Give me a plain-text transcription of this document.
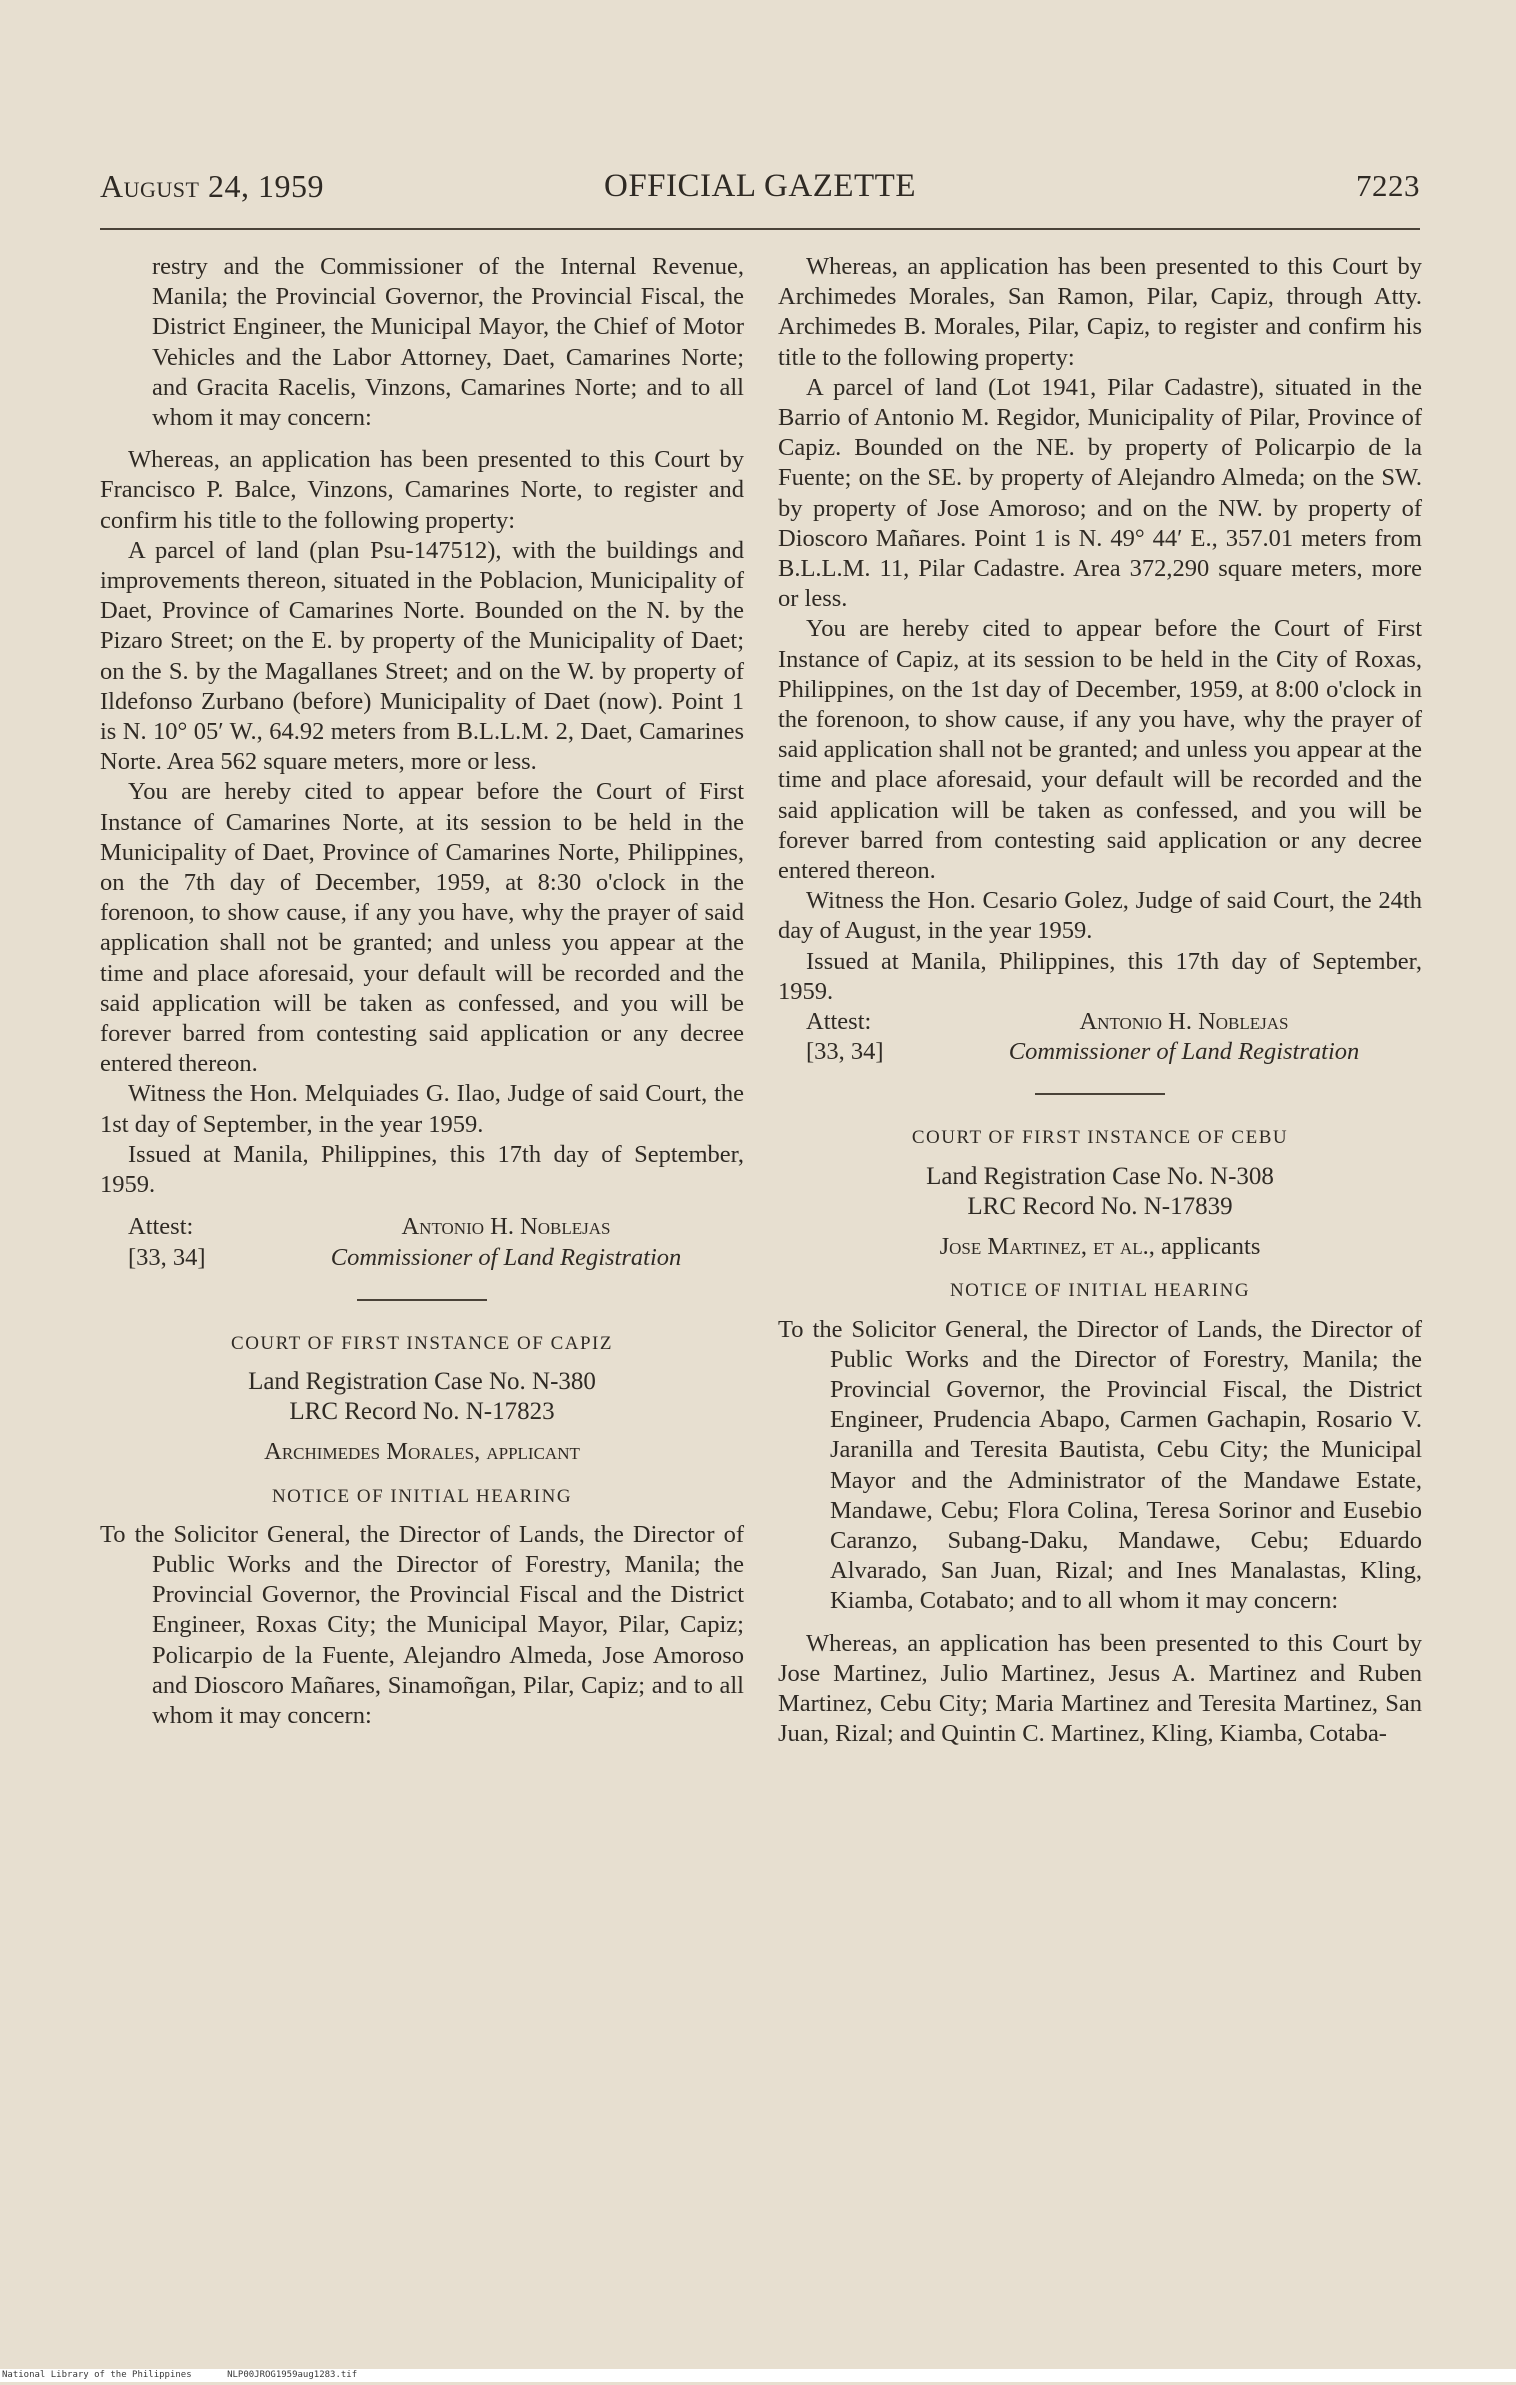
August 24, 1959	OFFICIAL GAZETTE	7223

restry and the Commissioner of the Internal Revenue, Manila; the Provincial Governor, the Provincial Fiscal, the District Engineer, the Municipal Mayor, the Chief of Motor Vehicles and the Labor Attorney, Daet, Camarines Norte; and Gracita Racelis, Vinzons, Camarines Norte; and to all whom it may concern:

Whereas, an application has been presented to this Court by Francisco P. Balce, Vinzons, Camarines Norte, to register and confirm his title to the following property:

A parcel of land (plan Psu-147512), with the buildings and improvements thereon, situated in the Poblacion, Municipality of Daet, Province of Camarines Norte. Bounded on the N. by the Pizaro Street; on the E. by property of the Municipality of Daet; on the S. by the Magallanes Street; and on the W. by property of Ildefonso Zurbano (before) Municipality of Daet (now). Point 1 is N. 10° 05′ W., 64.92 meters from B.L.L.M. 2, Daet, Camarines Norte. Area 562 square meters, more or less.

You are hereby cited to appear before the Court of First Instance of Camarines Norte, at its session to be held in the Municipality of Daet, Province of Camarines Norte, Philippines, on the 7th day of December, 1959, at 8:30 o'clock in the forenoon, to show cause, if any you have, why the prayer of said application shall not be granted; and unless you appear at the time and place aforesaid, your default will be recorded and the said application will be taken as confessed, and you will be forever barred from contesting said application or any decree entered thereon.

Witness the Hon. Melquiades G. Ilao, Judge of said Court, the 1st day of September, in the year 1959.

Issued at Manila, Philippines, this 17th day of September, 1959.

Attest:	Antonio H. Noblejas
[33, 34]	Commissioner of Land Registration

COURT OF FIRST INSTANCE OF CAPIZ

Land Registration Case No. N-380

LRC Record No. N-17823

Archimedes Morales, applicant

NOTICE OF INITIAL HEARING

To the Solicitor General, the Director of Lands, the Director of Public Works and the Director of Forestry, Manila; the Provincial Governor, the Provincial Fiscal and the District Engineer, Roxas City; the Municipal Mayor, Pilar, Capiz; Policarpio de la Fuente, Alejandro Almeda, Jose Amoroso and Dioscoro Mañares, Sinamoñgan, Pilar, Capiz; and to all whom it may concern:

Whereas, an application has been presented to this Court by Archimedes Morales, San Ramon, Pilar, Capiz, through Atty. Archimedes B. Morales, Pilar, Capiz, to register and confirm his title to the following property:

A parcel of land (Lot 1941, Pilar Cadastre), situated in the Barrio of Antonio M. Regidor, Municipality of Pilar, Province of Capiz. Bounded on the NE. by property of Policarpio de la Fuente; on the SE. by property of Alejandro Almeda; on the SW. by property of Jose Amoroso; and on the NW. by property of Dioscoro Mañares. Point 1 is N. 49° 44′ E., 357.01 meters from B.L.L.M. 11, Pilar Cadastre. Area 372,290 square meters, more or less.

You are hereby cited to appear before the Court of First Instance of Capiz, at its session to be held in the City of Roxas, Philippines, on the 1st day of December, 1959, at 8:00 o'clock in the forenoon, to show cause, if any you have, why the prayer of said application shall not be granted; and unless you appear at the time and place aforesaid, your default will be recorded and the said application will be taken as confessed, and you will be forever barred from contesting said application or any decree entered thereon.

Witness the Hon. Cesario Golez, Judge of said Court, the 24th day of August, in the year 1959.

Issued at Manila, Philippines, this 17th day of September, 1959.

Attest:	Antonio H. Noblejas
[33, 34]	Commissioner of Land Registration

COURT OF FIRST INSTANCE OF CEBU

Land Registration Case No. N-308

LRC Record No. N-17839

Jose Martinez, et al., applicants

NOTICE OF INITIAL HEARING

To the Solicitor General, the Director of Lands, the Director of Public Works and the Director of Forestry, Manila; the Provincial Governor, the Provincial Fiscal, the District Engineer, Prudencia Abapo, Carmen Gachapin, Rosario V. Jaranilla and Teresita Bautista, Cebu City; the Municipal Mayor and the Administrator of the Mandawe Estate, Mandawe, Cebu; Flora Colina, Teresa Sorinor and Eusebio Caranzo, Subang-Daku, Mandawe, Cebu; Eduardo Alvarado, San Juan, Rizal; and Ines Manalastas, Kling, Kiamba, Cotabato; and to all whom it may concern:

Whereas, an application has been presented to this Court by Jose Martinez, Julio Martinez, Jesus A. Martinez and Ruben Martinez, Cebu City; Maria Martinez and Teresita Martinez, San Juan, Rizal; and Quintin C. Martinez, Kling, Kiamba, Cotaba-

National Library of the Philippines	NLP00JROG1959aug1283.tif
